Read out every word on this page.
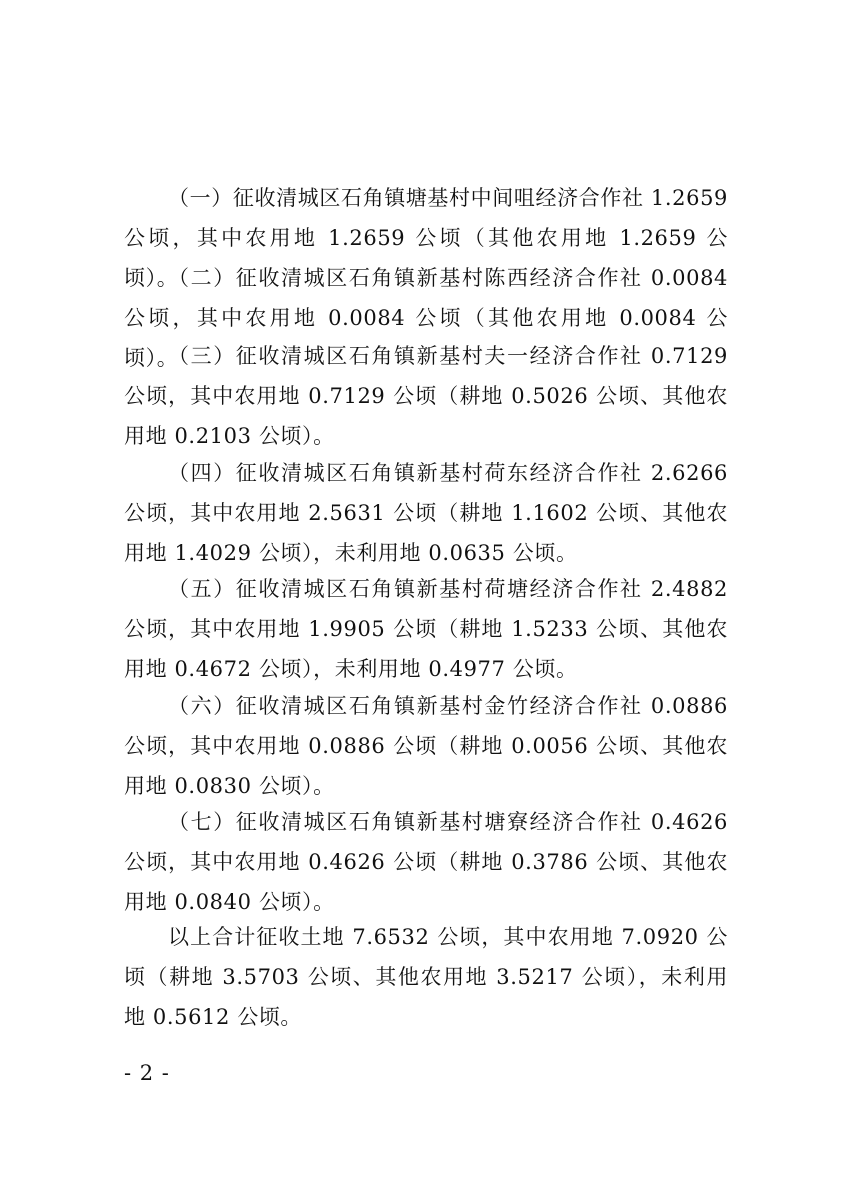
（一）征收清城区石角镇塘基村中间咀经济合作社 1.2659 公顷，其中农用地 1.2659 公顷（其他农用地 1.2659 公顷）。

（二）征收清城区石角镇新基村陈西经济合作社 0.0084 公顷，其中农用地 0.0084 公顷（其他农用地 0.0084 公顷）。

（三）征收清城区石角镇新基村夫一经济合作社 0.7129 公顷，其中农用地 0.7129 公顷（耕地 0.5026 公顷、其他农用地 0.2103 公顷）。

（四）征收清城区石角镇新基村荷东经济合作社 2.6266 公顷，其中农用地 2.5631 公顷（耕地 1.1602 公顷、其他农用地 1.4029 公顷），未利用地 0.0635 公顷。

（五）征收清城区石角镇新基村荷塘经济合作社 2.4882 公顷，其中农用地 1.9905 公顷（耕地 1.5233 公顷、其他农用地 0.4672 公顷），未利用地 0.4977 公顷。

（六）征收清城区石角镇新基村金竹经济合作社 0.0886 公顷，其中农用地 0.0886 公顷（耕地 0.0056 公顷、其他农用地 0.0830 公顷）。

（七）征收清城区石角镇新基村塘寮经济合作社 0.4626 公顷，其中农用地 0.4626 公顷（耕地 0.3786 公顷、其他农用地 0.0840 公顷）。

以上合计征收土地 7.6532 公顷，其中农用地 7.0920 公顷（耕地 3.5703 公顷、其他农用地 3.5217 公顷），未利用地 0.5612 公顷。

- 2 -
